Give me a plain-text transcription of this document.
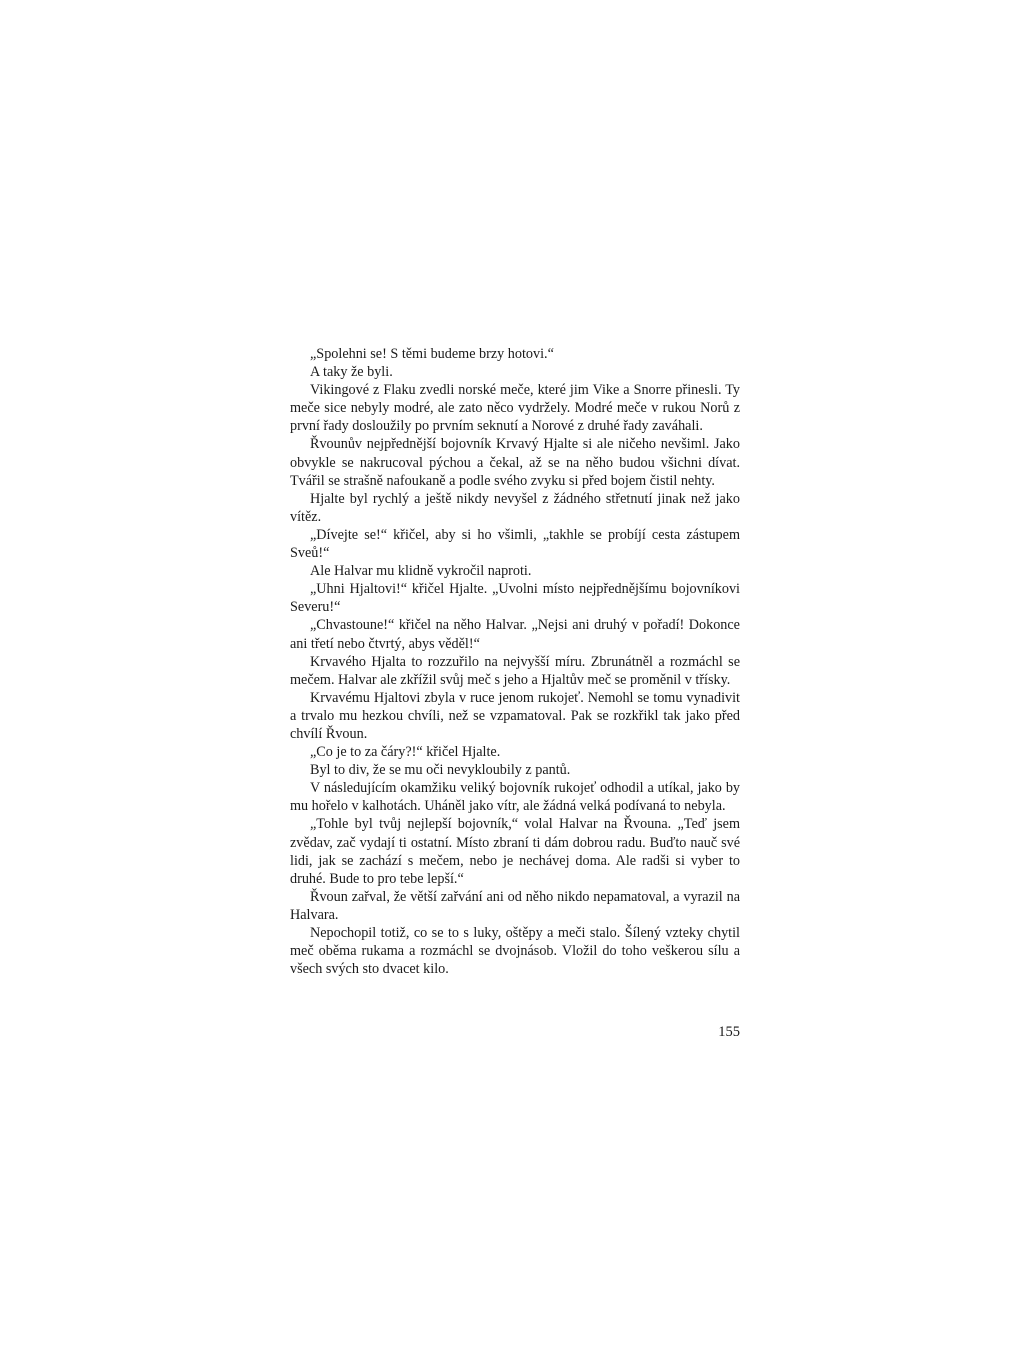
„Spolehni se! S těmi budeme brzy hotovi.“

A taky že byli.

Vikingové z Flaku zvedli norské meče, které jim Vike a Snorre přinesli. Ty meče sice nebyly modré, ale zato něco vydržely. Modré meče v rukou Norů z první řady dosloužily po prvním seknutí a Norové z druhé řady zaváhali.

Řvounův nejpřednější bojovník Krvavý Hjalte si ale ničeho nevšiml. Jako obvykle se nakrucoval pýchou a čekal, až se na něho budou všichni dívat. Tvářil se strašně nafoukaně a podle svého zvyku si před bojem čistil nehty.

Hjalte byl rychlý a ještě nikdy nevyšel z žádného střetnutí jinak než jako vítěz.

„Dívejte se!“ křičel, aby si ho všimli, „takhle se probíjí cesta zástupem Sveů!“

Ale Halvar mu klidně vykročil naproti.

„Uhni Hjaltovi!“ křičel Hjalte. „Uvolni místo nejpřednějšímu bojovníkovi Severu!“

„Chvastoune!“ křičel na něho Halvar. „Nejsi ani druhý v pořadí! Dokonce ani třetí nebo čtvrtý, abys věděl!“

Krvavého Hjalta to rozzuřilo na nejvyšší míru. Zbrunátněl a rozmáchl se mečem. Halvar ale zkřížil svůj meč s jeho a Hjaltův meč se proměnil v třísky.

Krvavému Hjaltovi zbyla v ruce jenom rukojeť. Nemohl se tomu vynadivit a trvalo mu hezkou chvíli, než se vzpamatoval. Pak se rozkřikl tak jako před chvílí Řvoun.

„Co je to za čáry?!“ křičel Hjalte.

Byl to div, že se mu oči nevykloubily z pantů.

V následujícím okamžiku veliký bojovník rukojeť odhodil a utíkal, jako by mu hořelo v kalhotách. Uháněl jako vítr, ale žádná velká podívaná to nebyla.

„Tohle byl tvůj nejlepší bojovník,“ volal Halvar na Řvouna. „Teď jsem zvědav, zač vydají ti ostatní. Místo zbraní ti dám dobrou radu. Buďto nauč své lidi, jak se zachází s mečem, nebo je nechávej doma. Ale radši si vyber to druhé. Bude to pro tebe lepší.“

Řvoun zařval, že větší zařvání ani od něho nikdo nepamatoval, a vyrazil na Halvara.

Nepochopil totiž, co se to s luky, oštěpy a meči stalo. Šílený vzteky chytil meč oběma rukama a rozmáchl se dvojnásob. Vložil do toho veškerou sílu a všech svých sto dvacet kilo.

155
